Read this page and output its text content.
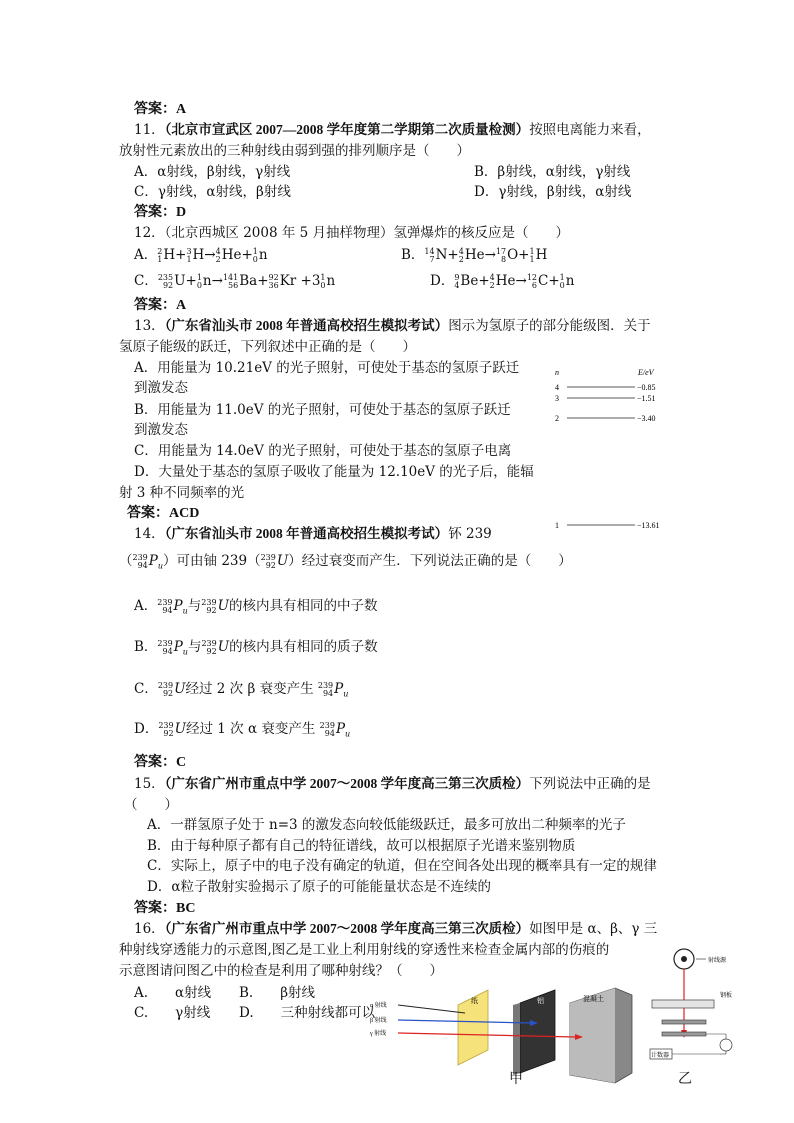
答案：A
11．（北京市宣武区 2007—2008 学年度第二学期第二次质量检测）按照电离能力来看，
放射性元素放出的三种射线由弱到强的排列顺序是（　　）
A．α射线，β射线，γ射线	B．β射线，α射线，γ射线
C．γ射线，α射线，β射线	D．γ射线，β射线，α射线
答案：D
12．（北京西城区 2008 年 5 月抽样物理）氢弹爆炸的核反应是（　　）
A． 2
1 H+ 3
1 H→ 4
2 He+ 1
0 n	B． 14
7 N+ 4
2 He→ 17
8 O+ 1
1 H
C． 235
92 U+ 1
0 n→ 141
56 Ba+ 92
36 Kr +3 1
0 n	D． 9
4 Be+ 4
2 He→ 12
6 C+ 1
0 n
答案：A
13．（广东省汕头市 2008 年普通高校招生模拟考试）图示为氢原子的部分能级图．关于
氢原子能级的跃迁，下列叙述中正确的是（　　）
A．用能量为 10.21eV 的光子照射，可使处于基态的氢原子跃迁
到激发态
B．用能量为 11.0eV 的光子照射，可使处于基态的氢原子跃迁
到激发态
C．用能量为 14.0eV 的光子照射，可使处于基态的氢原子电离
D．大量处于基态的氢原子吸收了能量为 12.10eV 的光子后，能辐
射 3 种不同频率的光
答案：ACD
n	E/eV
4	−0.85
3	−1.51
2	−3.40
1	−13.61
14．（广东省汕头市 2008 年普通高校招生模拟考试）钚 239
（ 239
94 $P_u$）可由铀 239（ 239
92 U）经过衰变而产生．下列说法正确的是（　　）
A． 239
94 $P_u$与 239
92 U的核内具有相同的中子数
B． 239
94 $P_u$与 239
92 U的核内具有相同的质子数
C． 239
92 U经过 2 次 β 衰变产生 239
94 $P_u$
D． 239
92 U经过 1 次 α 衰变产生 239
94 $P_u$
答案：C
15．（广东省广州市重点中学 2007～2008 学年度高三第三次质检）下列说法中正确的是
（　　）
A．一群氢原子处于 n=3 的激发态向较低能级跃迁，最多可放出二种频率的光子
B．由于每种原子都有自己的特征谱线，故可以根据原子光谱来鉴别物质
C．实际上，原子中的电子没有确定的轨道，但在空间各处出现的概率具有一定的规律
D．α粒子散射实验揭示了原子的可能能量状态是不连续的
答案：BC
16．（广东省广州市重点中学 2007～2008 学年度高三第三次质检）如图甲是 α、β、γ 三
种射线穿透能力的示意图,图乙是工业上利用射线的穿透性来检查金属内部的伤痕的
示意图请问图乙中的检查是利用了哪种射线？（　　）
A.　　α射线 B.　　β射线
C.　　γ射线 D.　　三种射线都可以
纸	铝	混凝土
α 射线
β 射线
γ 射线
甲
射线源
钢板
计数器
乙
